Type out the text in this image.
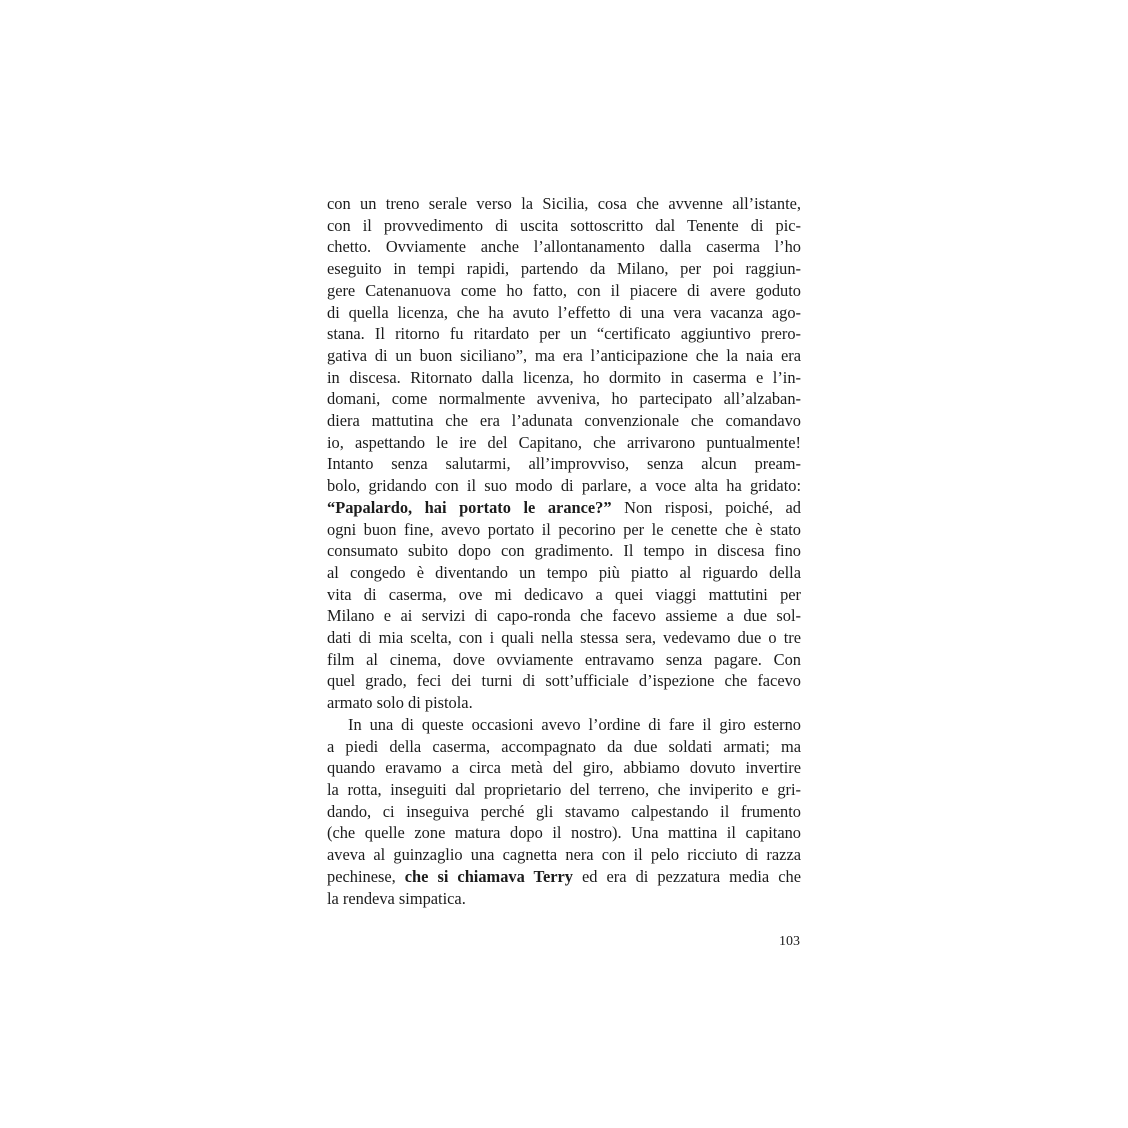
con un treno serale verso la Sicilia, cosa che avvenne all’istante,
con il provvedimento di uscita sottoscritto dal Tenente di pic-
chetto. Ovviamente anche l’allontanamento dalla caserma l’ho
eseguito in tempi rapidi, partendo da Milano, per poi raggiun-
gere Catenanuova come ho fatto, con il piacere di avere goduto
di quella licenza, che ha avuto l’effetto di una vera vacanza ago-
stana. Il ritorno fu ritardato per un “certificato aggiuntivo prero-
gativa di un buon siciliano”, ma era l’anticipazione che la naia era
in discesa. Ritornato dalla licenza, ho dormito in caserma e l’in-
domani, come normalmente avveniva, ho partecipato all’alzaban-
diera mattutina che era l’adunata convenzionale che comandavo
io, aspettando le ire del Capitano, che arrivarono puntualmente!
Intanto senza salutarmi, all’improvviso, senza alcun pream-
bolo, gridando con il suo modo di parlare, a voce alta ha gridato:
“Papalardo, hai portato le arance?” Non risposi, poiché, ad
ogni buon fine, avevo portato il pecorino per le cenette che è stato
consumato subito dopo con gradimento. Il tempo in discesa fino
al congedo è diventando un tempo più piatto al riguardo della
vita di caserma, ove mi dedicavo a quei viaggi mattutini per
Milano e ai servizi di capo-ronda che facevo assieme a due sol-
dati di mia scelta, con i quali nella stessa sera, vedevamo due o tre
film al cinema, dove ovviamente entravamo senza pagare. Con
quel grado, feci dei turni di sott’ufficiale d’ispezione che facevo
armato solo di pistola.
In una di queste occasioni avevo l’ordine di fare il giro esterno
a piedi della caserma, accompagnato da due soldati armati; ma
quando eravamo a circa metà del giro, abbiamo dovuto invertire
la rotta, inseguiti dal proprietario del terreno, che inviperito e gri-
dando, ci inseguiva perché gli stavamo calpestando il frumento
(che quelle zone matura dopo il nostro). Una mattina il capitano
aveva al guinzaglio una cagnetta nera con il pelo ricciuto di razza
pechinese, che si chiamava Terry ed era di pezzatura media che
la rendeva simpatica.
103
